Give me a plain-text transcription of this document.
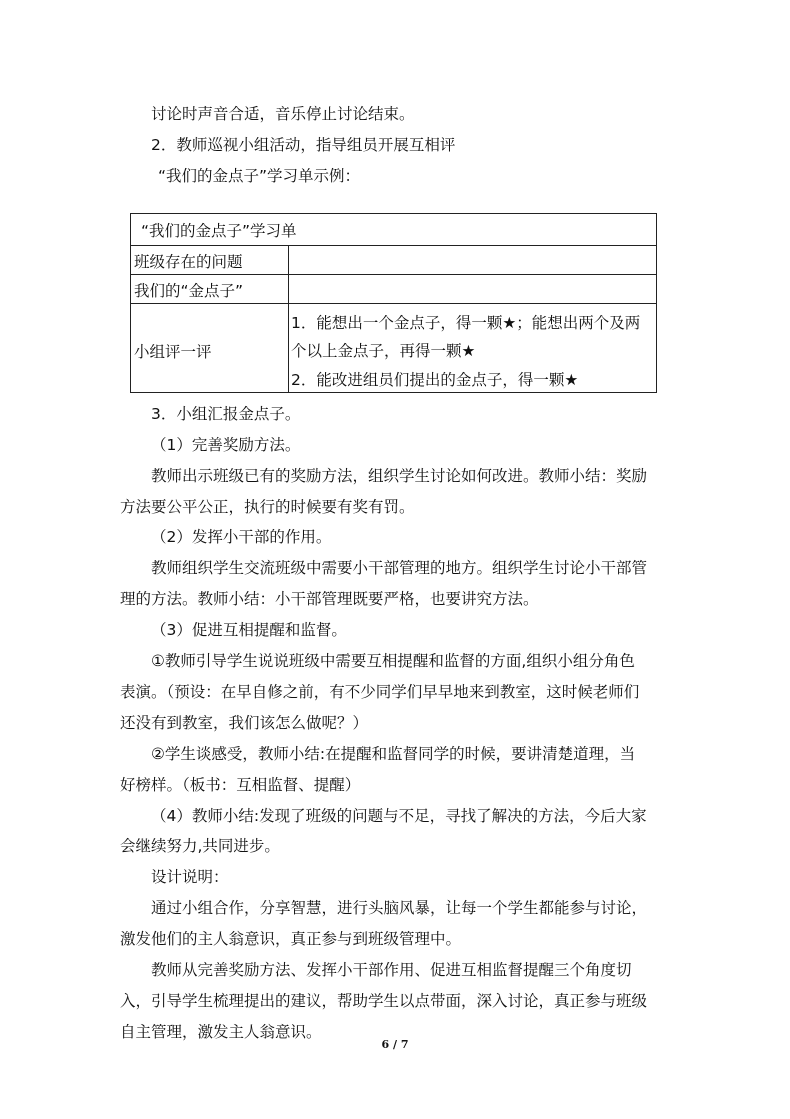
讨论时声音合适，音乐停止讨论结束。
2．教师巡视小组活动，指导组员开展互相评
“我们的金点子”学习单示例：
“我们的金点子”学习单
班级存在的问题
我们的“金点子”
小组评一评
1．能想出一个金点子，得一颗★；能想出两个及两
个以上金点子，再得一颗★
2．能改进组员们提出的金点子，得一颗★
3．小组汇报金点子。
（1）完善奖励方法。
教师出示班级已有的奖励方法，组织学生讨论如何改进。教师小结：奖励
方法要公平公正，执行的时候要有奖有罚。
（2）发挥小干部的作用。
教师组织学生交流班级中需要小干部管理的地方。组织学生讨论小干部管
理的方法。教师小结：小干部管理既要严格，也要讲究方法。
（3）促进互相提醒和监督。
①教师引导学生说说班级中需要互相提醒和监督的方面,组织小组分角色
表演。（预设：在早自修之前，有不少同学们早早地来到教室，这时候老师们
还没有到教室，我们该怎么做呢？）
②学生谈感受，教师小结:在提醒和监督同学的时候，要讲清楚道理，当
好榜样。（板书：互相监督、提醒）
（4）教师小结:发现了班级的问题与不足，寻找了解决的方法，今后大家
会继续努力,共同进步。
设计说明：
通过小组合作，分享智慧，进行头脑风暴，让每一个学生都能参与讨论，
激发他们的主人翁意识，真正参与到班级管理中。
教师从完善奖励方法、发挥小干部作用、促进互相监督提醒三个角度切
入，引导学生梳理提出的建议，帮助学生以点带面，深入讨论，真正参与班级
自主管理，激发主人翁意识。
6 / 7
